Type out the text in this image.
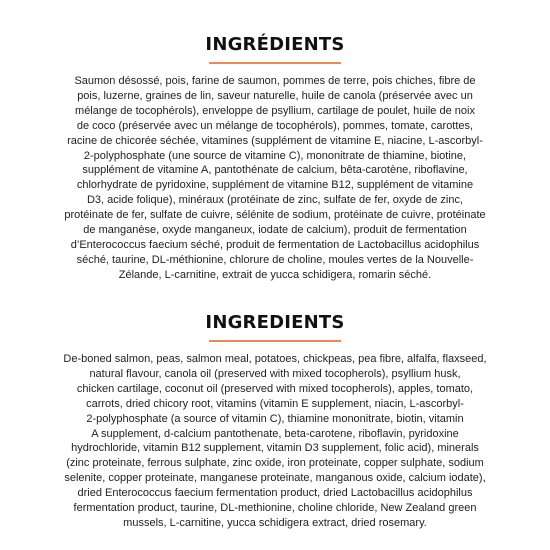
INGRÉDIENTS
Saumon désossé, pois, farine de saumon, pommes de terre, pois chiches, fibre de
pois, luzerne, graines de lin, saveur naturelle, huile de canola (préservée avec un
mélange de tocophérols), enveloppe de psyllium, cartilage de poulet, huile de noix
de coco (préservée avec un mélange de tocophérols), pommes, tomate, carottes,
racine de chicorée séchée, vitamines (supplément de vitamine E, niacine, L-ascorbyl-
2-polyphosphate (une source de vitamine C), mononitrate de thiamine, biotine,
supplément de vitamine A, pantothénate de calcium, bêta-carotène, riboflavine,
chlorhydrate de pyridoxine, supplément de vitamine B12, supplément de vitamine
D3, acide folique), minéraux (protéinate de zinc, sulfate de fer, oxyde de zinc,
protéinate de fer, sulfate de cuivre, sélénite de sodium, protéinate de cuivre, protéinate
de manganèse, oxyde manganeux, iodate de calcium), produit de fermentation
d’Enterococcus faecium séché, produit de fermentation de Lactobacillus acidophilus
séché, taurine, DL-méthionine, chlorure de choline, moules vertes de la Nouvelle-
Zélande, L-carnitine, extrait de yucca schidigera, romarin séché.
INGREDIENTS
De-boned salmon, peas, salmon meal, potatoes, chickpeas, pea fibre, alfalfa, flaxseed,
natural flavour, canola oil (preserved with mixed tocopherols), psyllium husk,
chicken cartilage, coconut oil (preserved with mixed tocopherols), apples, tomato,
carrots, dried chicory root, vitamins (vitamin E supplement, niacin, L-ascorbyl-
2-polyphosphate (a source of vitamin C), thiamine mononitrate, biotin, vitamin
A supplement, d-calcium pantothenate, beta-carotene, riboflavin, pyridoxine
hydrochloride, vitamin B12 supplement, vitamin D3 supplement, folic acid), minerals
(zinc proteinate, ferrous sulphate, zinc oxide, iron proteinate, copper sulphate, sodium
selenite, copper proteinate, manganese proteinate, manganous oxide, calcium iodate),
dried Enterococcus faecium fermentation product, dried Lactobacillus acidophilus
fermentation product, taurine, DL-methionine, choline chloride, New Zealand green
mussels, L-carnitine, yucca schidigera extract, dried rosemary.
